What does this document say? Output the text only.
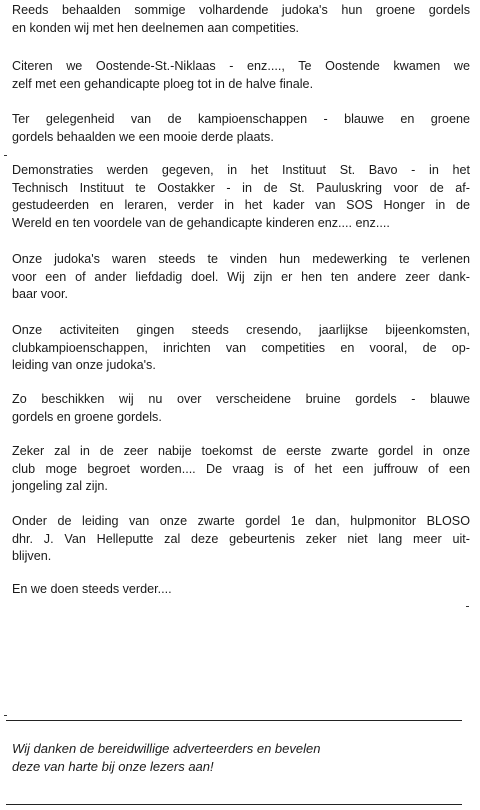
Reeds behaalden sommige volhardende judoka's hun groene gordels
en konden wij met hen deelnemen aan competities.

Citeren we Oostende-St.-Niklaas - enz...., Te Oostende kwamen we
zelf met een gehandicapte ploeg tot in de halve finale.

Ter gelegenheid van de kampioenschappen - blauwe en groene
gordels behaalden we een mooie derde plaats.

Demonstraties werden gegeven, in het Instituut St. Bavo - in het
Technisch Instituut te Oostakker - in de St. Pauluskring voor de af-
gestudeerden en leraren, verder in het kader van SOS Honger in de
Wereld en ten voordele van de gehandicapte kinderen enz.... enz....

Onze judoka's waren steeds te vinden hun medewerking te verlenen
voor een of ander liefdadig doel. Wij zijn er hen ten andere zeer dank-
baar voor.

Onze activiteiten gingen steeds cresendo, jaarlijkse bijeenkomsten,
clubkampioenschappen, inrichten van competities en vooral, de op-
leiding van onze judoka's.

Zo beschikken wij nu over verscheidene bruine gordels - blauwe
gordels en groene gordels.

Zeker zal in de zeer nabije toekomst de eerste zwarte gordel in onze
club moge begroet worden.... De vraag is of het een juffrouw of een
jongeling zal zijn.

Onder de leiding van onze zwarte gordel 1e dan, hulpmonitor BLOSO
dhr. J. Van Helleputte zal deze gebeurtenis zeker niet lang meer uit-
blijven.

En we doen steeds verder....

Wij danken de bereidwillige adverteerders en bevelen
deze van harte bij onze lezers aan!
